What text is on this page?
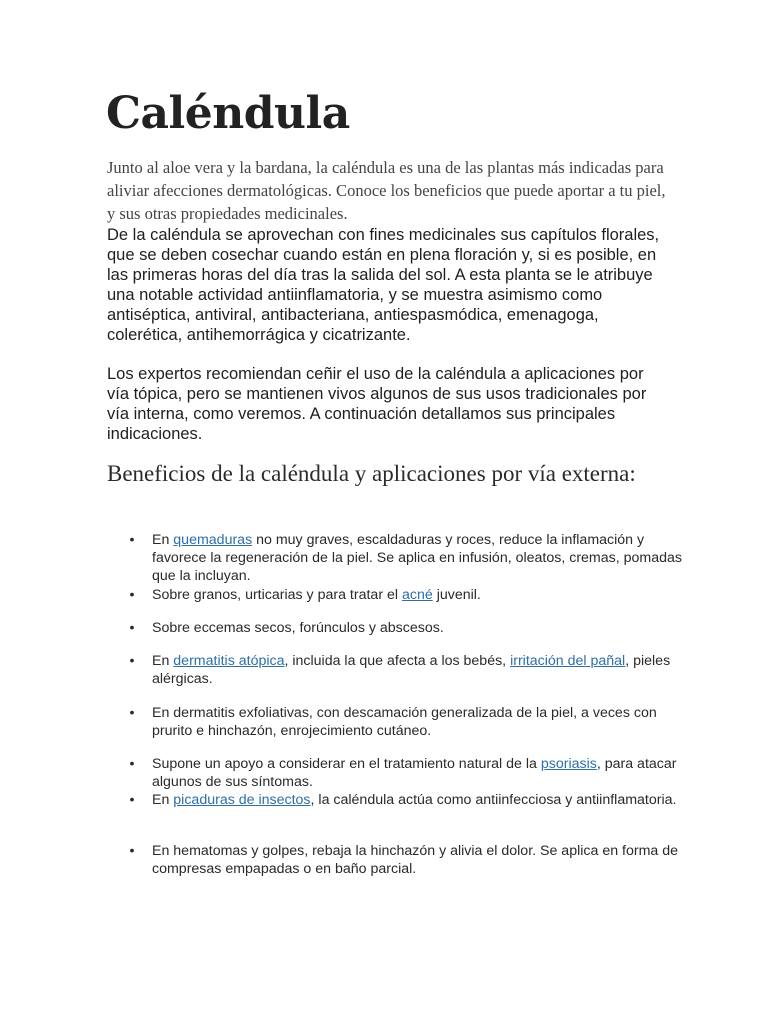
Caléndula

Junto al aloe vera y la bardana, la caléndula es una de las plantas más indicadas para aliviar afecciones dermatológicas. Conoce los beneficios que puede aportar a tu piel, y sus otras propiedades medicinales.

De la caléndula se aprovechan con fines medicinales sus capítulos florales, que se deben cosechar cuando están en plena floración y, si es posible, en las primeras horas del día tras la salida del sol. A esta planta se le atribuye una notable actividad antiinflamatoria, y se muestra asimismo como antiséptica, antiviral, antibacteriana, antiespasmódica, emenagoga, colerética, antihemorrágica y cicatrizante.

Los expertos recomiendan ceñir el uso de la caléndula a aplicaciones por vía tópica, pero se mantienen vivos algunos de sus usos tradicionales por vía interna, como veremos. A continuación detallamos sus principales indicaciones.

Beneficios de la caléndula y aplicaciones por vía externa:
• En quemaduras no muy graves, escaldaduras y roces, reduce la inflamación y favorece la regeneración de la piel. Se aplica en infusión, oleatos, cremas, pomadas que la incluyan.
• Sobre granos, urticarias y para tratar el acné juvenil.
• Sobre eccemas secos, forúnculos y abscesos.
• En dermatitis atópica, incluida la que afecta a los bebés, irritación del pañal, pieles alérgicas.
• En dermatitis exfoliativas, con descamación generalizada de la piel, a veces con prurito e hinchazón, enrojecimiento cutáneo.
• Supone un apoyo a considerar en el tratamiento natural de la psoriasis, para atacar algunos de sus síntomas.
• En picaduras de insectos, la caléndula actúa como antiinfecciosa y antiinflamatoria.
• En hematomas y golpes, rebaja la hinchazón y alivia el dolor. Se aplica en forma de compresas empapadas o en baño parcial.
